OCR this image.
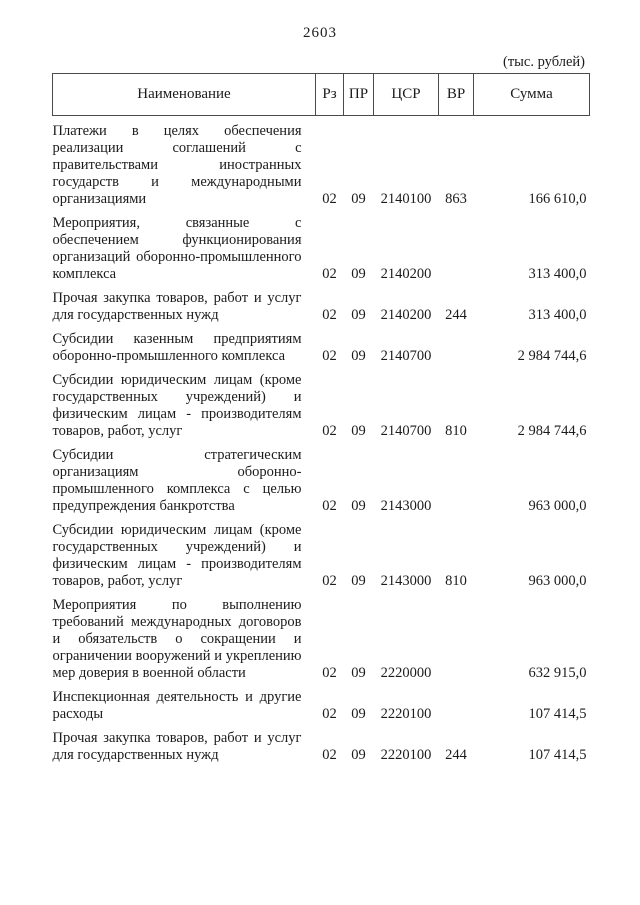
2603
(тыс. рублей)
Наименование	Рз	ПР	ЦСР	ВР	Сумма
Платежи в целях обеспечения реализации соглашений с правительствами иностранных государств и международными организациями	02	09	2140100	863	166 610,0
Мероприятия, связанные с обеспечением функционирования организаций оборонно-промышленного комплекса	02	09	2140200		313 400,0
Прочая закупка товаров, работ и услуг для государственных нужд	02	09	2140200	244	313 400,0
Субсидии казенным предприятиям оборонно-промышленного комплекса	02	09	2140700		2 984 744,6
Субсидии юридическим лицам (кроме государственных учреждений) и физическим лицам - производителям товаров, работ, услуг	02	09	2140700	810	2 984 744,6
Субсидии стратегическим организациям оборонно-промышленного комплекса с целью предупреждения банкротства	02	09	2143000		963 000,0
Субсидии юридическим лицам (кроме государственных учреждений) и физическим лицам - производителям товаров, работ, услуг	02	09	2143000	810	963 000,0
Мероприятия по выполнению требований международных договоров и обязательств о сокращении и ограничении вооружений и укреплению мер доверия в военной области	02	09	2220000		632 915,0
Инспекционная деятельность и другие расходы	02	09	2220100		107 414,5
Прочая закупка товаров, работ и услуг для государственных нужд	02	09	2220100	244	107 414,5
